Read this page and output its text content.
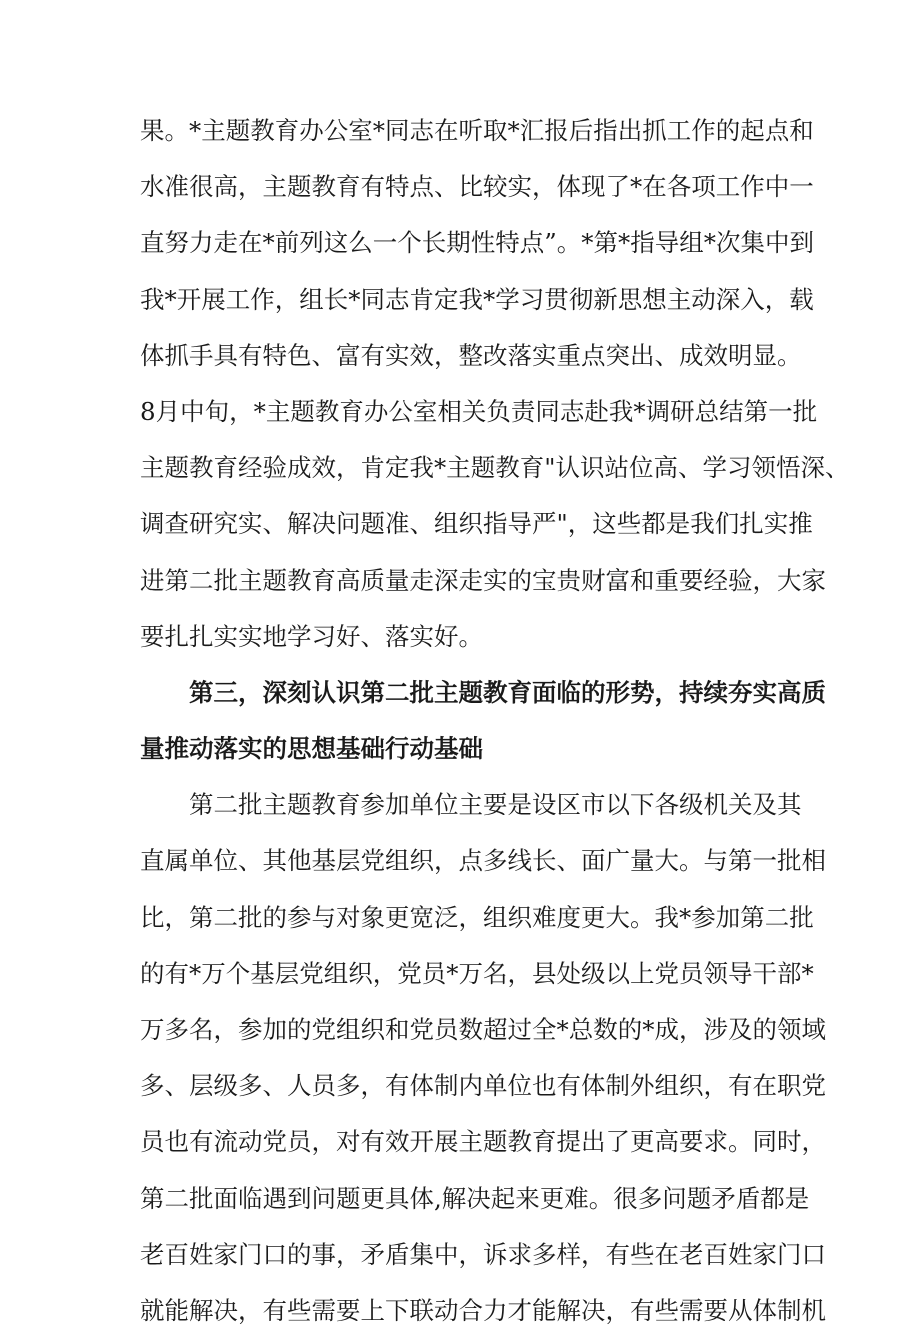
果。*主题教育办公室*同志在听取*汇报后指出抓工作的起点和
水准很高，主题教育有特点、比较实，体现了*在各项工作中一
直努力走在*前列这么一个长期性特点”。*第*指导组*次集中到
我*开展工作，组长*同志肯定我*学习贯彻新思想主动深入，载
体抓手具有特色、富有实效，整改落实重点突出、成效明显。
8月中旬，*主题教育办公室相关负责同志赴我*调研总结第一批
主题教育经验成效，肯定我*主题教育"认识站位高、学习领悟深、
调查研究实、解决问题准、组织指导严"，这些都是我们扎实推
进第二批主题教育高质量走深走实的宝贵财富和重要经验，大家
要扎扎实实地学习好、落实好。
第三，深刻认识第二批主题教育面临的形势，持续夯实高质
量推动落实的思想基础行动基础
第二批主题教育参加单位主要是设区市以下各级机关及其
直属单位、其他基层党组织，点多线长、面广量大。与第一批相
比，第二批的参与对象更宽泛，组织难度更大。我*参加第二批
的有*万个基层党组织，党员*万名，县处级以上党员领导干部*
万多名，参加的党组织和党员数超过全*总数的*成，涉及的领域
多、层级多、人员多，有体制内单位也有体制外组织，有在职党
员也有流动党员，对有效开展主题教育提出了更高要求。同时，
第二批面临遇到问题更具体,解决起来更难。很多问题矛盾都是
老百姓家门口的事，矛盾集中，诉求多样，有些在老百姓家门口
就能解决，有些需要上下联动合力才能解决，有些需要从体制机
